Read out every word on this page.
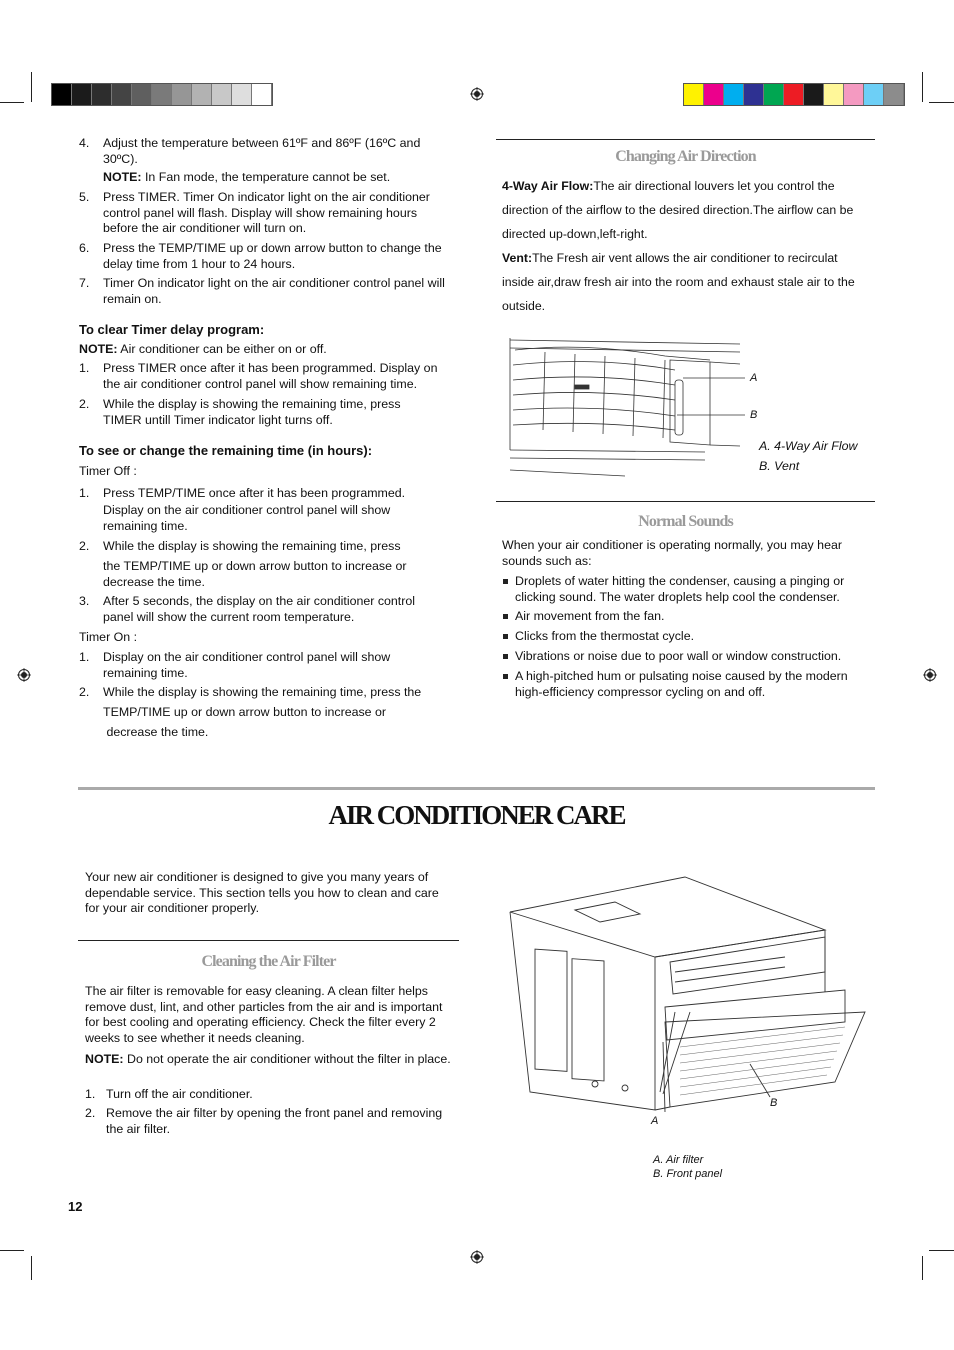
4. Adjust the temperature between 61ºF and 86ºF (16ºC and 30ºC).
NOTE: In Fan mode, the temperature cannot be set.
5. Press TIMER. Timer On indicator light on the air conditioner control panel will flash. Display will show remaining hours before the air conditioner will turn on.
6. Press the TEMP/TIME up or down arrow button to change the delay time from 1 hour to 24 hours.
7. Timer On indicator light on the air conditioner control panel will remain on.
To clear Timer delay program:
NOTE: Air conditioner can be either on or off.
1. Press TIMER once after it has been programmed. Display on the air conditioner control panel will show remaining time.
2. While the display is showing the remaining time, press TIMER untill Timer indicator light turns off.
To see or change the remaining time (in hours):
Timer Off :
1. Press TEMP/TIME once after it has been programmed.
Display on the air conditioner control panel will show remaining time.
2. While the display is showing the remaining time, press
the TEMP/TIME up or down arrow button to increase or decrease the time.
3. After 5 seconds, the display on the air conditioner control panel will show the current room temperature.
Timer On :
1. Display on the air conditioner control panel will show remaining time.
2. While the display is showing the remaining time, press the
TEMP/TIME up or down arrow button to increase or
decrease the time.
Changing Air Direction
4-Way Air Flow:The air directional louvers let you control the direction of the airflow to the desired direction.The airflow can be directed up-down,left-right.
Vent:The Fresh air vent allows the air conditioner to recirculat inside air,draw fresh air into the room and exhaust stale air to the outside.
A
B
A. 4-Way Air Flow
B. Vent
Normal Sounds
When your air conditioner is operating normally, you may hear sounds such as:
Droplets of water hitting the condenser, causing a pinging or clicking sound. The water droplets help cool the condenser.
Air movement from the fan.
Clicks from the thermostat cycle.
Vibrations or noise due to poor wall or window construction.
A high-pitched hum or pulsating noise caused by the modern high-efficiency compressor cycling on and off.
AIR CONDITIONER CARE
Your new air conditioner is designed to give you many years of dependable service. This section tells you how to clean and care for your air conditioner properly.
Cleaning the Air Filter
The air filter is removable for easy cleaning. A clean filter helps remove dust, lint, and other particles from the air and is important for best cooling and operating efficiency. Check the filter every 2 weeks to see whether it needs cleaning.
NOTE: Do not operate the air conditioner without the filter in place.
1. Turn off the air conditioner.
2. Remove the air filter by opening the front panel and removing the air filter.
A
B
A. Air filter
B. Front panel
12
